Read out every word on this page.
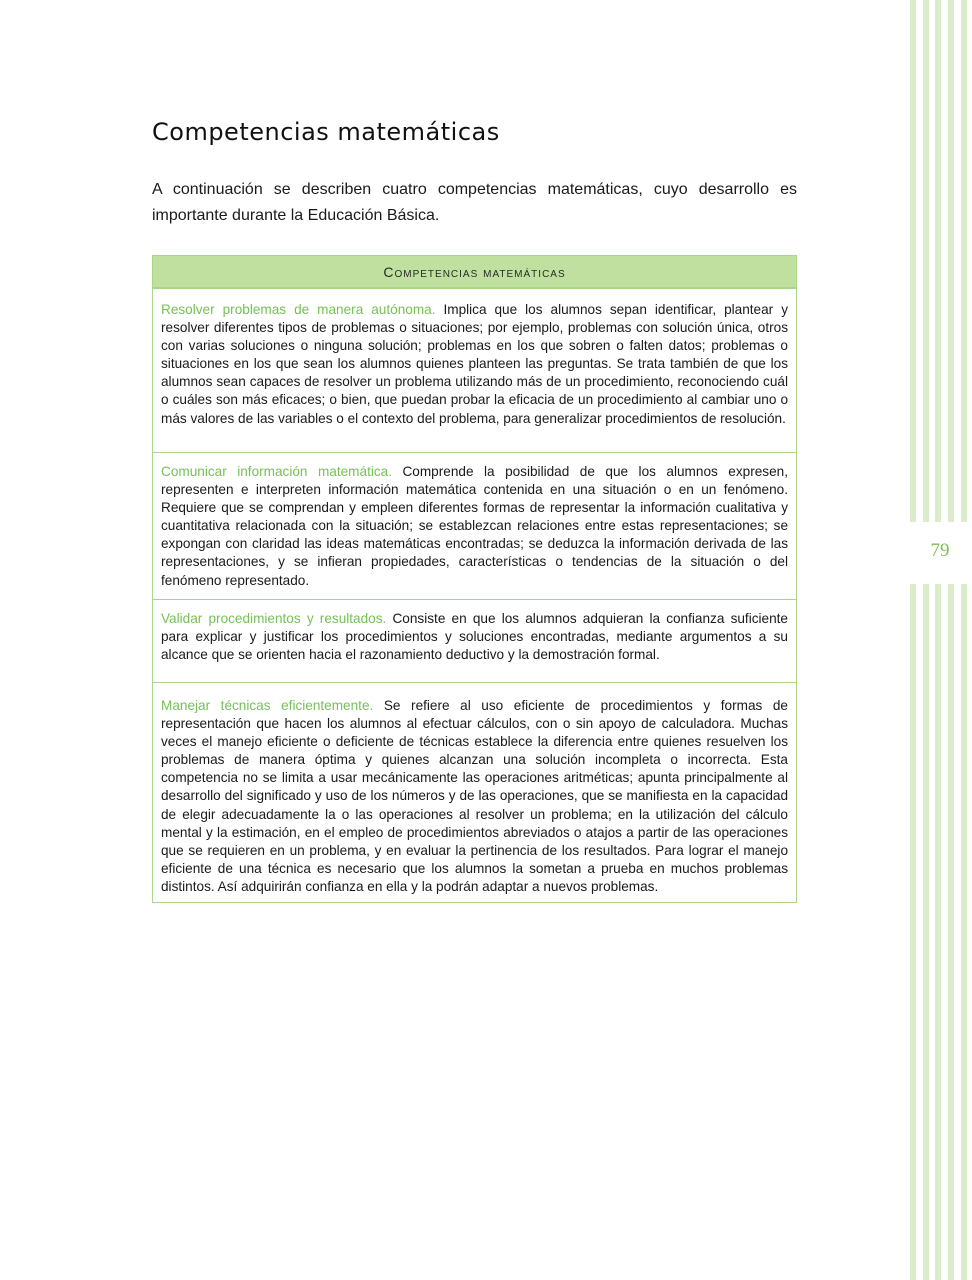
79
Competencias matemáticas

A continuación se describen cuatro competencias matemáticas, cuyo desarrollo es importante durante la Educación Básica.

Competencias matemáticas
Resolver problemas de manera autónoma. Implica que los alumnos sepan identificar, plantear y resolver diferentes tipos de problemas o situaciones; por ejemplo, problemas con solución única, otros con varias soluciones o ninguna solución; problemas en los que sobren o falten datos; problemas o situaciones en los que sean los alumnos quienes planteen las preguntas. Se trata también de que los alumnos sean capaces de resolver un problema utilizando más de un procedimiento, reconociendo cuál o cuáles son más eficaces; o bien, que puedan probar la eficacia de un procedimiento al cambiar uno o más valores de las variables o el contexto del problema, para generalizar procedimientos de resolución.
Comunicar información matemática. Comprende la posibilidad de que los alumnos expresen, representen e interpreten información matemática contenida en una situación o en un fenómeno. Requiere que se comprendan y empleen diferentes formas de representar la información cualitativa y cuantitativa relacionada con la situación; se establezcan relaciones entre estas representaciones; se expongan con claridad las ideas matemáticas encontradas; se deduzca la información derivada de las representaciones, y se infieran propiedades, características o tendencias de la situación o del fenómeno representado.
Validar procedimientos y resultados. Consiste en que los alumnos adquieran la confianza suficiente para explicar y justificar los procedimientos y soluciones encontradas, mediante argumentos a su alcance que se orienten hacia el razonamiento deductivo y la demostración formal.
Manejar técnicas eficientemente. Se refiere al uso eficiente de procedimientos y formas de representación que hacen los alumnos al efectuar cálculos, con o sin apoyo de calculadora. Muchas veces el manejo eficiente o deficiente de técnicas establece la diferencia entre quienes resuelven los problemas de manera óptima y quienes alcanzan una solución incompleta o incorrecta. Esta competencia no se limita a usar mecánicamente las operaciones aritméticas; apunta principalmente al desarrollo del significado y uso de los números y de las operaciones, que se manifiesta en la capacidad de elegir adecuadamente la o las operaciones al resolver un problema; en la utilización del cálculo mental y la estimación, en el empleo de procedimientos abreviados o atajos a partir de las operaciones que se requieren en un problema, y en evaluar la pertinencia de los resultados. Para lograr el manejo eficiente de una técnica es necesario que los alumnos la sometan a prueba en muchos problemas distintos. Así adquirirán confianza en ella y la podrán adaptar a nuevos problemas.
